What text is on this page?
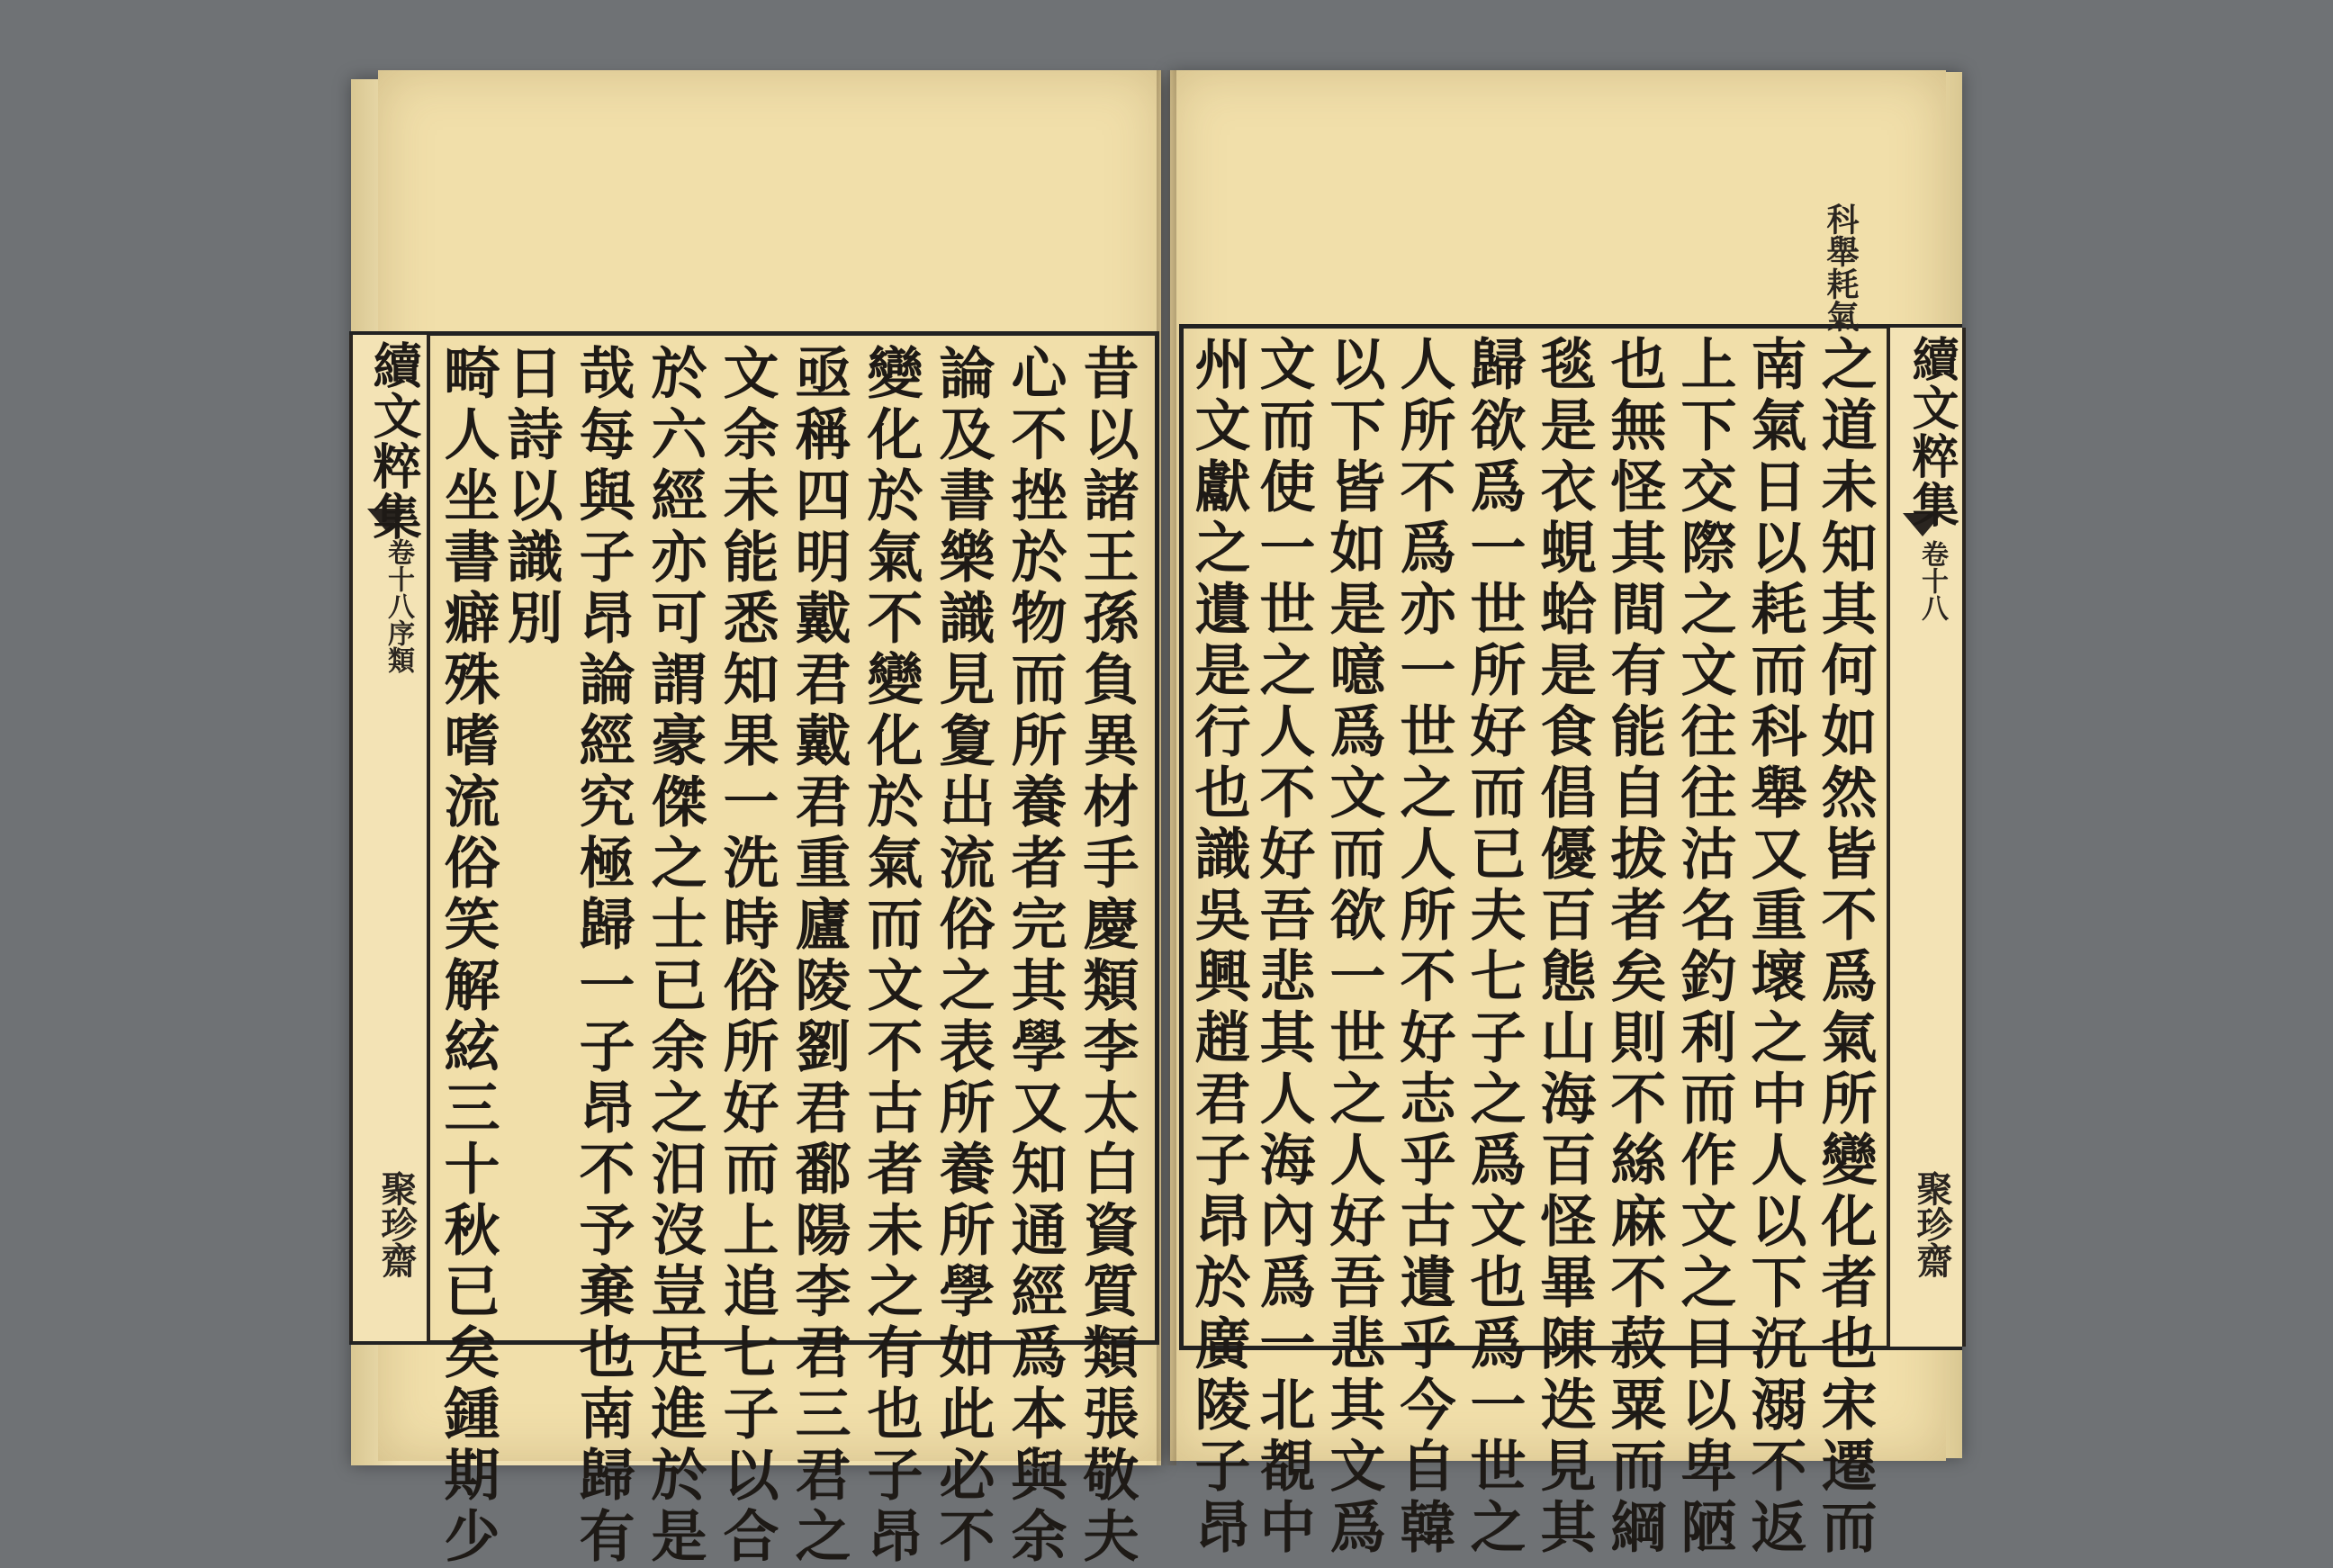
續文粹集
卷十八序類
聚珍齋	昔以諸王孫負異材手慶類李太白資質類張敬夫
心不挫於物而所養者完其學又知通經爲本與余
論及書樂識見夐出流俗之表所養所學如此必不
變化於氣不變化於氣而文不古者未之有也子昂
亟稱四明戴君戴君重廬陵劉君鄱陽李君三君之
文余未能悉知果一洗時俗所好而上追七子以合
於六經亦可謂豪傑之士已余之汨沒豈足進於是
哉每與子昂論經究極歸一子昂不予棄也南歸有
日詩以識別
畸人坐書癖殊嗜流俗笑解絃三十秋已矣鍾期少	續文粹集
卷十八
聚珍齋
科舉耗氣
之道未知其何如然皆不爲氣所變化者也宋遷而
南氣日以耗而科舉又重壞之中人以下沉溺不返
上下交際之文往往沽名釣利而作文之日以卑陋
也無怪其間有能自拔者矣則不絲麻不菽粟而綱
毯是衣蜆蛤是食倡優百態山海百怪畢陳迭見其
歸欲爲一世所好而已夫七子之爲文也爲一世之
人所不爲亦一世之人所不好志乎古遺乎今自韓
以下皆如是噫爲文而欲一世之人好吾悲其文爲
文而使一世之人不好吾悲其人海內爲一北覩中
州文獻之遺是行也識吳興趙君子昂於廣陵子昂
